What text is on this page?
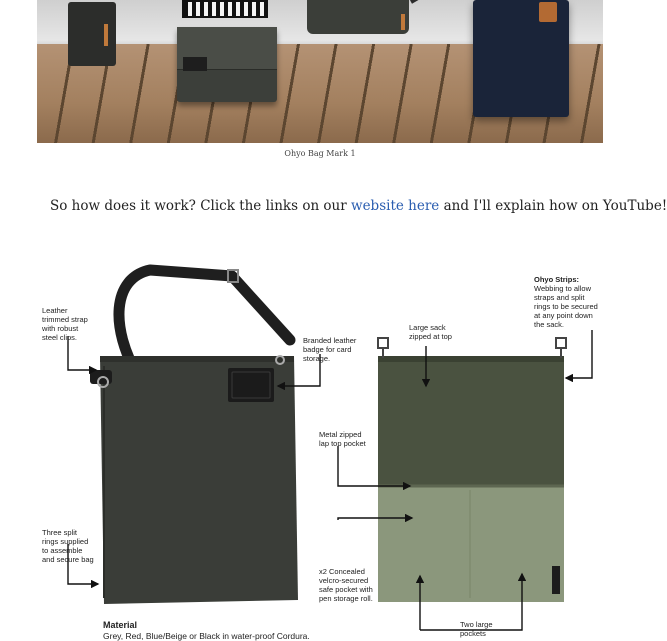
Ohyo Bag Mark 1
So how does it work? Click the links on our website here and I'll explain how on YouTube!
Leather
trimmed strap
with robust
steel clips.	Branded leather
badge for card
storage.
Three split
rings supplied
to assemble
and secure bag
Large sack
zipped at top
Ohyo Strips:
Webbing to allow
straps and split
rings to be secured
at any point down
the sack.
Metal zipped
lap top pocket
x2 Concealed
velcro-secured
safe pocket with
pen storage roll.
Two large
pockets
Material
Grey, Red, Blue/Beige or Black in water-proof Cordura.
